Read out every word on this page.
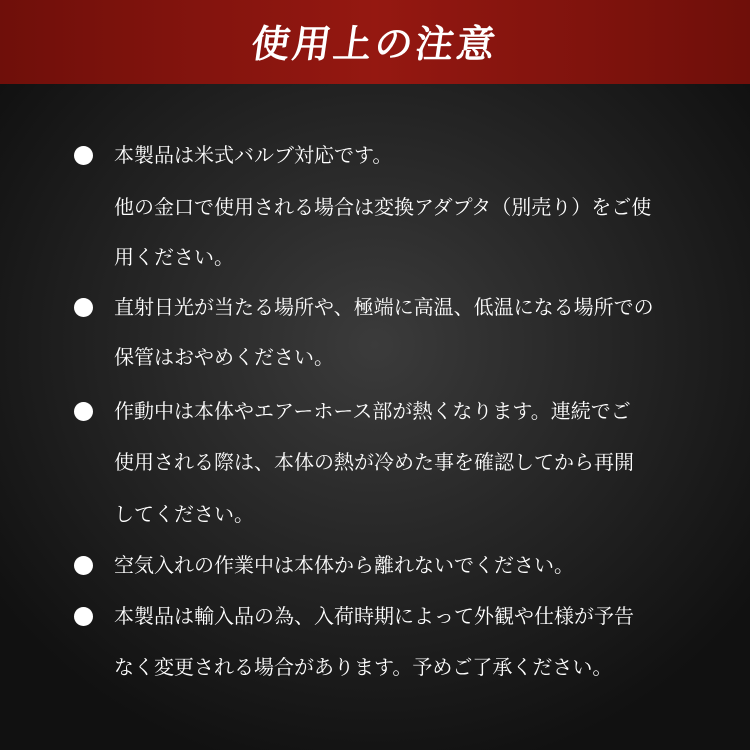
使用上の注意
本製品は米式バルブ対応です。
他の金口で使用される場合は変換アダプタ（別売り）をご使
用ください。
直射日光が当たる場所や、極端に高温、低温になる場所での
保管はおやめください。
作動中は本体やエアーホース部が熱くなります。連続でご
使用される際は、本体の熱が冷めた事を確認してから再開
してください。
空気入れの作業中は本体から離れないでください。
本製品は輸入品の為、入荷時期によって外観や仕様が予告
なく変更される場合があります。予めご了承ください。
